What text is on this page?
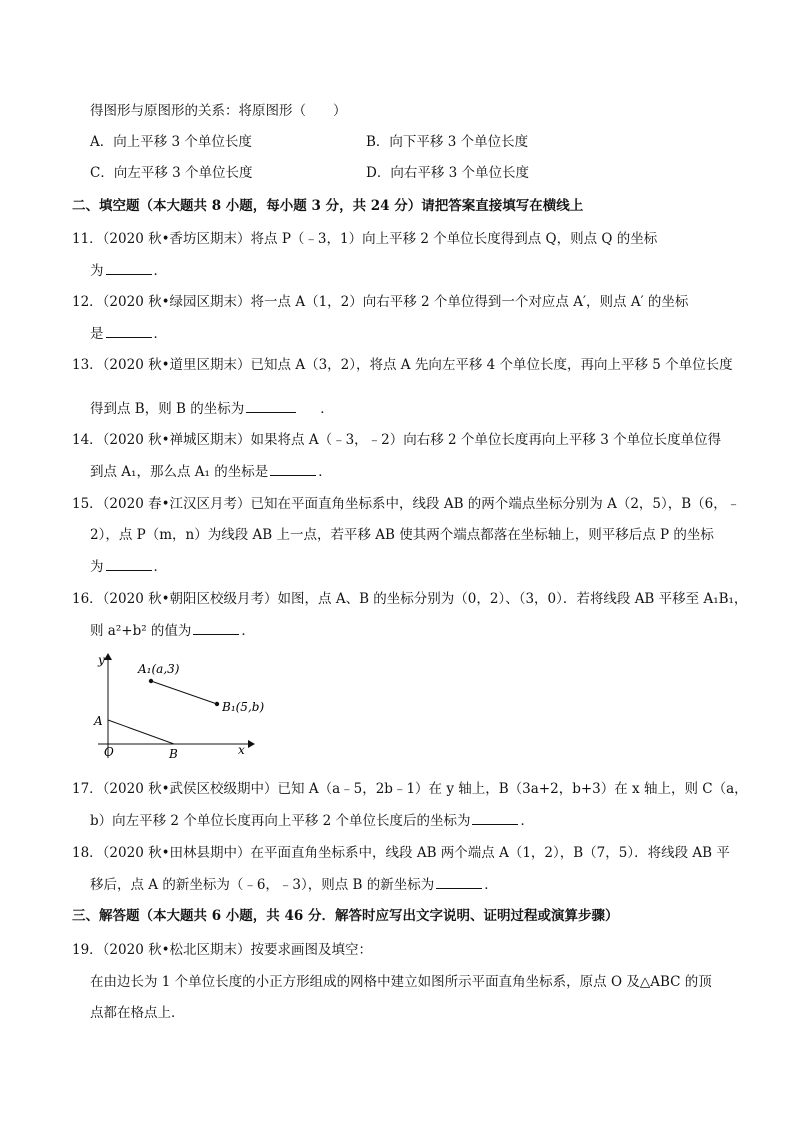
得图形与原图形的关系：将原图形（　　）
A．向上平移 3 个单位长度	B．向下平移 3 个单位长度
C．向左平移 3 个单位长度	D．向右平移 3 个单位长度
二、填空题（本大题共 8 小题，每小题 3 分，共 24 分）请把答案直接填写在横线上
11．（2020 秋•香坊区期末）将点 P（﹣3，1）向上平移 2 个单位长度得到点 Q，则点 Q 的坐标
为	．
12．（2020 秋•绿园区期末）将一点 A（1，2）向右平移 2 个单位得到一个对应点 A′，则点 A′ 的坐标
是	．
13．（2020 秋•道里区期末）已知点 A（3，2），将点 A 先向左平移 4 个单位长度，再向上平移 5 个单位长度
得到点 B，则 B 的坐标为	．
14．（2020 秋•禅城区期末）如果将点 A（﹣3，﹣2）向右移 2 个单位长度再向上平移 3 个单位长度单位得
到点 A₁，那么点 A₁ 的坐标是	．
15．（2020 春•江汉区月考）已知在平面直角坐标系中，线段 AB 的两个端点坐标分别为 A（2，5），B（6，﹣
2），点 P（m，n）为线段 AB 上一点，若平移 AB 使其两个端点都落在坐标轴上，则平移后点 P 的坐标
为	．
16．（2020 秋•朝阳区校级月考）如图，点 A、B 的坐标分别为（0，2）、（3，0）．若将线段 AB 平移至 A₁B₁，
则 a²+b² 的值为	．
y
x
O
A
B
A₁(a,3)
B₁(5,b)
17．（2020 秋•武侯区校级期中）已知 A（a﹣5，2b﹣1）在 y 轴上，B（3a+2，b+3）在 x 轴上，则 C（a，
b）向左平移 2 个单位长度再向上平移 2 个单位长度后的坐标为	．
18．（2020 秋•田林县期中）在平面直角坐标系中，线段 AB 两个端点 A（1，2），B（7，5）．将线段 AB 平
移后，点 A 的新坐标为（﹣6，﹣3），则点 B 的新坐标为	．
三、解答题（本大题共 6 小题，共 46 分．解答时应写出文字说明、证明过程或演算步骤）
19．（2020 秋•松北区期末）按要求画图及填空：
在由边长为 1 个单位长度的小正方形组成的网格中建立如图所示平面直角坐标系，原点 O 及△ABC 的顶
点都在格点上．
